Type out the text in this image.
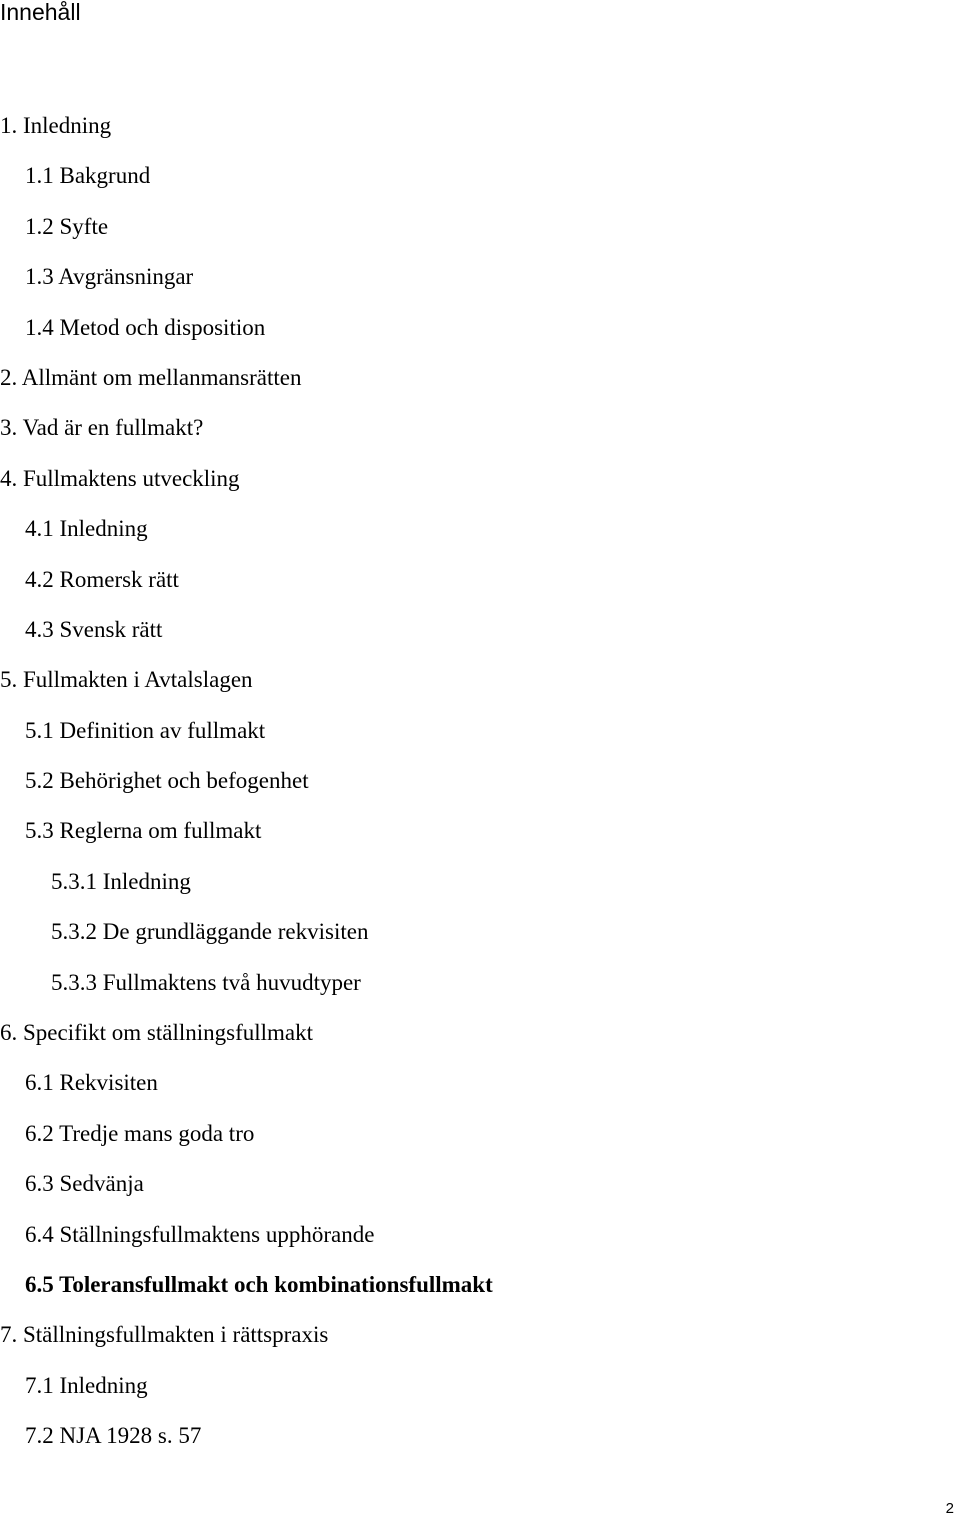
Innehåll
1. Inledning
1.1 Bakgrund
1.2 Syfte
1.3 Avgränsningar
1.4 Metod och disposition
2. Allmänt om mellanmansrätten
3. Vad är en fullmakt?
4. Fullmaktens utveckling
4.1 Inledning
4.2 Romersk rätt
4.3 Svensk rätt
5. Fullmakten i Avtalslagen
5.1 Definition av fullmakt
5.2 Behörighet och befogenhet
5.3 Reglerna om fullmakt
5.3.1 Inledning
5.3.2 De grundläggande rekvisiten
5.3.3 Fullmaktens två huvudtyper
6. Specifikt om ställningsfullmakt
6.1 Rekvisiten
6.2 Tredje mans goda tro
6.3 Sedvänja
6.4 Ställningsfullmaktens upphörande
6.5 Toleransfullmakt och kombinationsfullmakt
7. Ställningsfullmakten i rättspraxis
7.1 Inledning
7.2 NJA 1928 s. 57
2
